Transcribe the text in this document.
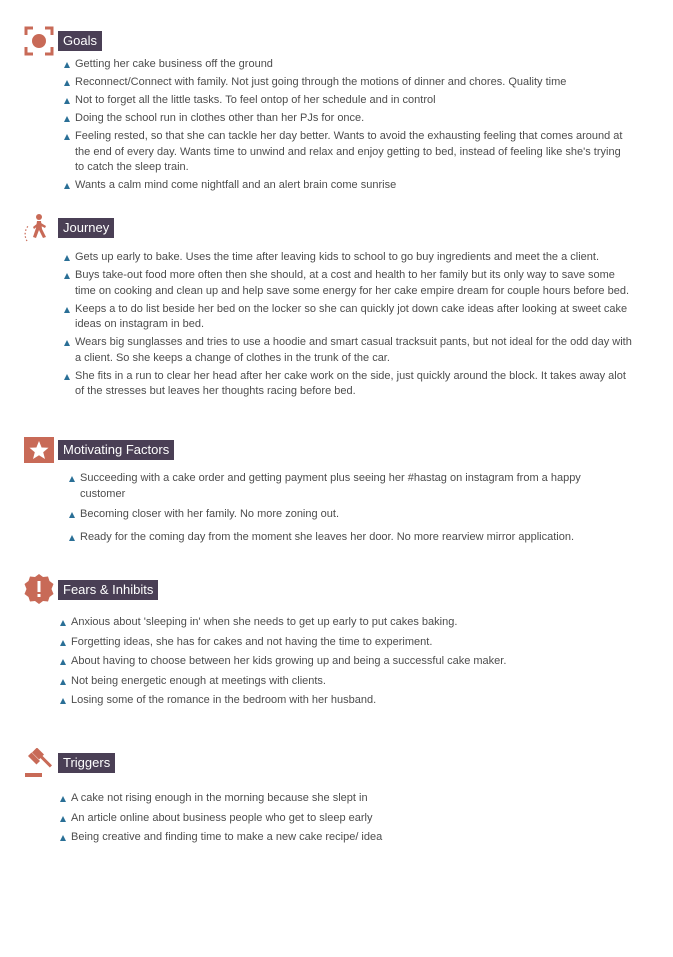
Goals
Getting her cake business off the ground
Reconnect/Connect with family. Not just going through the motions of dinner and chores. Quality time
Not to forget all the little tasks. To feel ontop of her schedule and in control
Doing the school run in clothes other than her PJs for once.
Feeling rested, so that she can tackle her day better. Wants to avoid the exhausting feeling that comes around at the end of every day. Wants time to unwind and relax and enjoy getting to bed, instead of feeling like she's trying to catch the sleep train.
Wants a calm mind come nightfall and an alert brain come sunrise
Journey
Gets up early to bake. Uses the time after leaving kids to school to go buy ingredients and meet the a client.
Buys take-out food more often then she should, at a cost and health to her family but its only way to save some time on cooking and clean up and help save some energy for her cake empire dream for couple hours before bed.
Keeps a to do list beside her bed on the locker so she can quickly jot down cake ideas after looking at sweet cake ideas on instagram in bed.
Wears big sunglasses and tries to use a hoodie and smart casual tracksuit pants, but not ideal for the odd day with a client. So she keeps a change of clothes in the trunk of the car.
She fits in a run to clear her head after her cake work on the side, just quickly around the block. It takes away alot of the stresses but leaves her thoughts racing before bed.
Motivating Factors
Succeeding with a cake order and getting payment plus seeing her #hastag on instagram from a happy customer
Becoming closer with her family. No more zoning out.
Ready for the coming day from the moment she leaves her door. No more rearview mirror application.
Fears & Inhibits
Anxious about 'sleeping in' when she needs to get up early to put cakes baking.
Forgetting ideas, she has for cakes and not having the time to experiment.
About having to choose between her kids growing up and being a successful cake maker.
Not being energetic enough at meetings with clients.
Losing some of the romance in the bedroom with her husband.
Triggers
A cake not rising enough in the morning because she slept in
An article online about business people who get to sleep early
Being creative and finding time to make a new cake recipe/ idea
